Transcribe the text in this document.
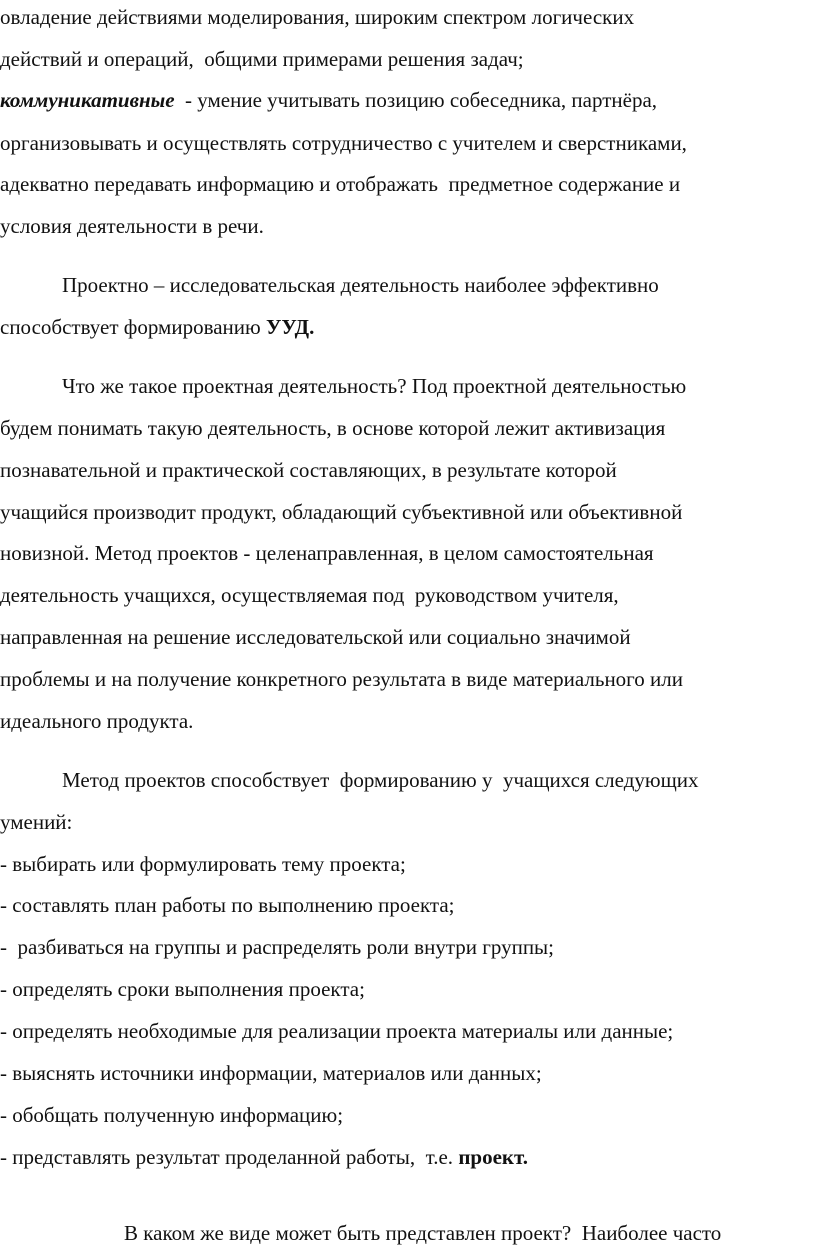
овладение действиями моделирования, широким спектром логических
действий и операций,  общими примерами решения задач;
коммуникативные  - умение учитывать позицию собеседника, партнёра,
организовывать и осуществлять сотрудничество с учителем и сверстниками,
адекватно передавать информацию и отображать  предметное содержание и
условия деятельности в речи.
Проектно – исследовательская деятельность наиболее эффективно
способствует формированию УУД.
Что же такое проектная деятельность? Под проектной деятельностью
будем понимать такую деятельность, в основе которой лежит активизация
познавательной и практической составляющих, в результате которой
учащийся производит продукт, обладающий субъективной или объективной
новизной. Метод проектов - целенаправленная, в целом самостоятельная
деятельность учащихся, осуществляемая под  руководством учителя,
направленная на решение исследовательской или социально значимой
проблемы и на получение конкретного результата в виде материального или
идеального продукта.
Метод проектов способствует  формированию у  учащихся следующих
умений:
- выбирать или формулировать тему проекта;
- составлять план работы по выполнению проекта;
-  разбиваться на группы и распределять роли внутри группы;
- определять сроки выполнения проекта;
- определять необходимые для реализации проекта материалы или данные;
- выяснять источники информации, материалов или данных;
- обобщать полученную информацию;
- представлять результат проделанной работы,  т.е. проект.
В каком же виде может быть представлен проект?  Наиболее часто
